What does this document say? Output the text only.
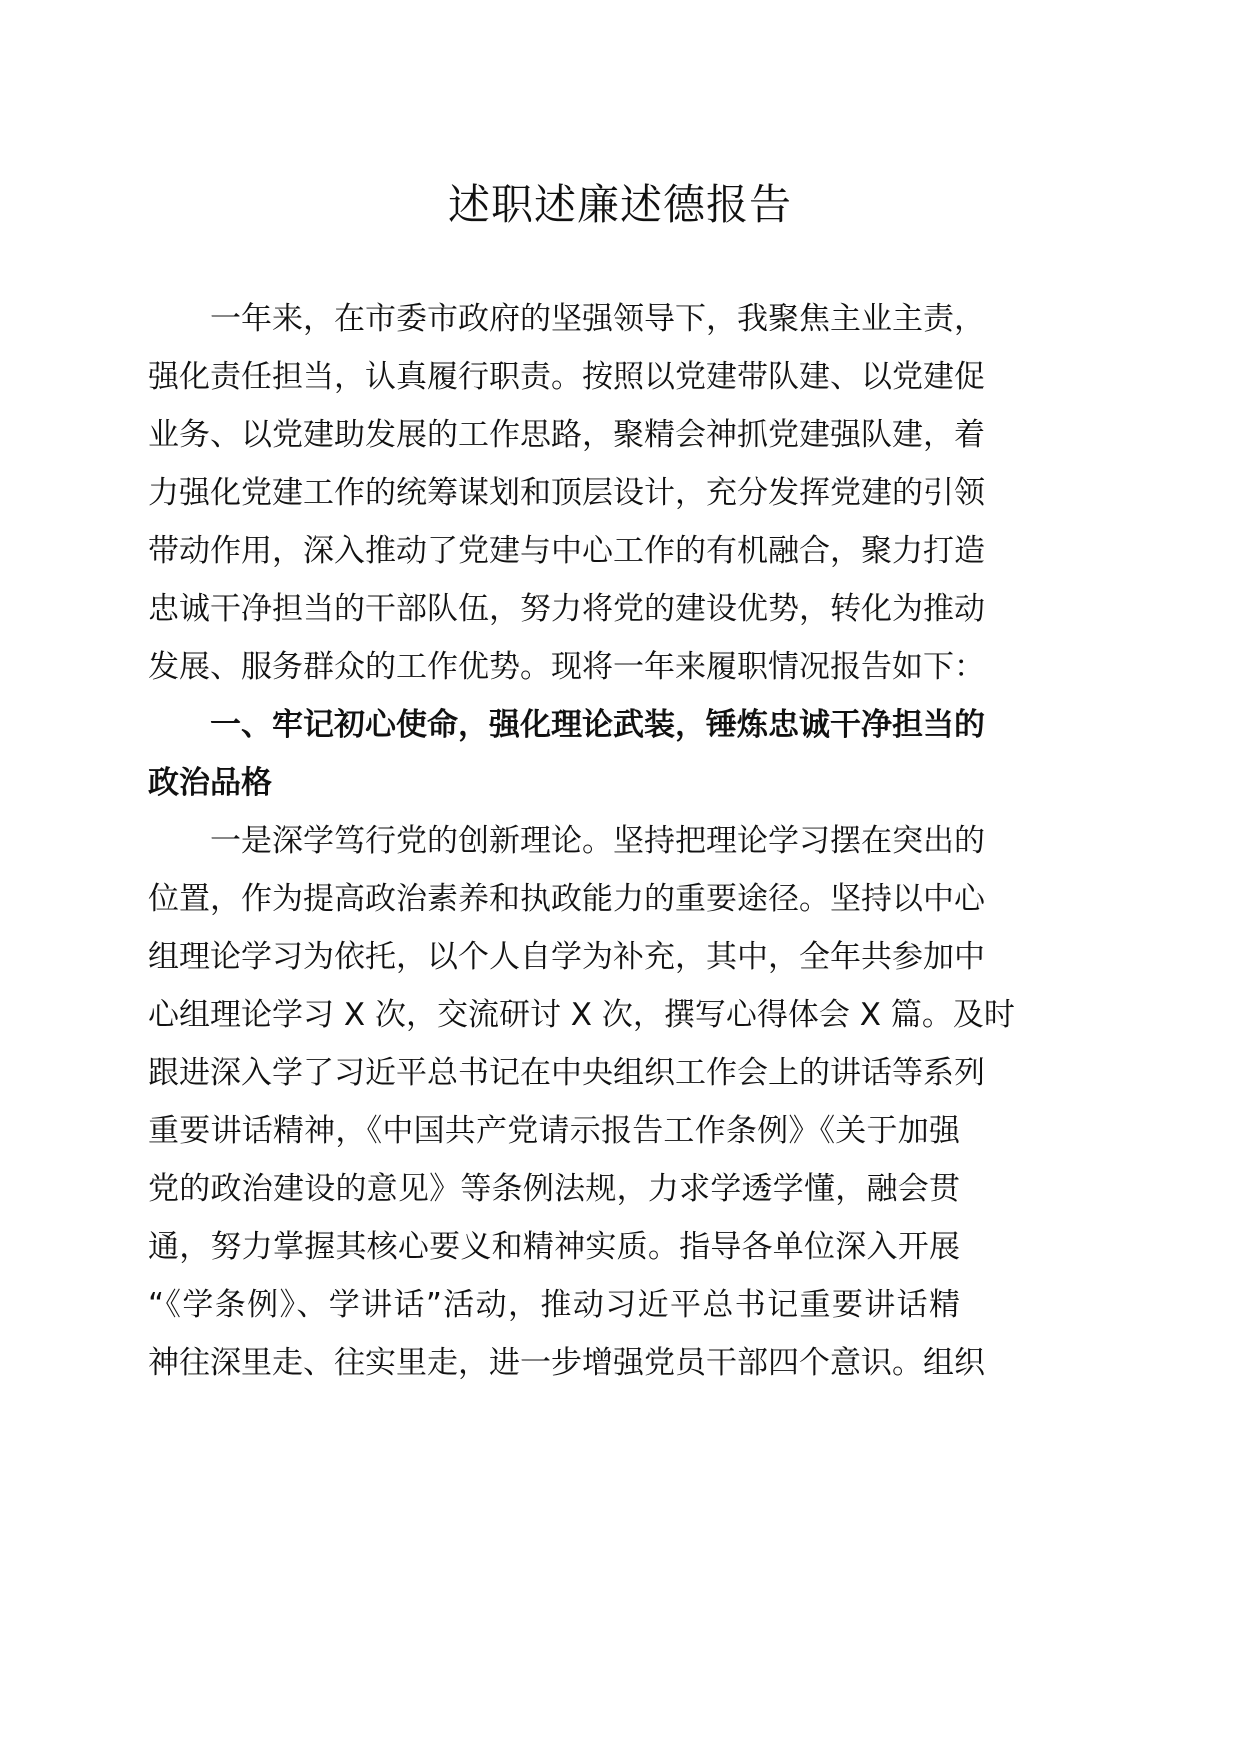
述职述廉述德报告
一年来，在市委市政府的坚强领导下，我聚焦主业主责，
强化责任担当，认真履行职责。按照以党建带队建、以党建促
业务、以党建助发展的工作思路，聚精会神抓党建强队建，着
力强化党建工作的统筹谋划和顶层设计，充分发挥党建的引领
带动作用，深入推动了党建与中心工作的有机融合，聚力打造
忠诚干净担当的干部队伍，努力将党的建设优势，转化为推动
发展、服务群众的工作优势。现将一年来履职情况报告如下：
一、牢记初心使命，强化理论武装，锤炼忠诚干净担当的
政治品格
一是深学笃行党的创新理论。坚持把理论学习摆在突出的
位置，作为提高政治素养和执政能力的重要途径。坚持以中心
组理论学习为依托，以个人自学为补充，其中，全年共参加中
心组理论学习 X 次，交流研讨 X 次，撰写心得体会 X 篇。及时
跟进深入学了习近平总书记在中央组织工作会上的讲话等系列
重要讲话精神，《中国共产党请示报告工作条例》《关于加强
党的政治建设的意见》等条例法规，力求学透学懂，融会贯
通，努力掌握其核心要义和精神实质。指导各单位深入开展
“《学条例》、学讲话”活动，推动习近平总书记重要讲话精
神往深里走、往实里走，进一步增强党员干部四个意识。组织
